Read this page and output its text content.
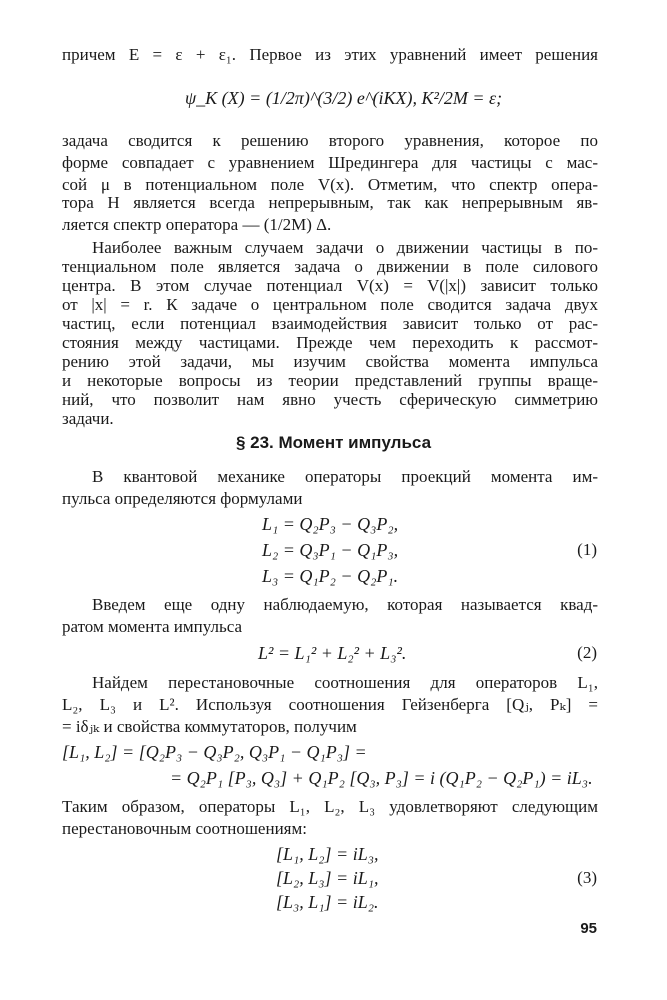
причем E = ε + ε₁. Первое из этих уравнений имеет решения
ψ_K (X) = (1/2π)^(3/2) e^(iKX), K²/2M = ε;
задача сводится к решению второго уравнения, которое по
форме совпадает с уравнением Шредингера для частицы с мас-
сой μ в потенциальном поле V(x). Отметим, что спектр опера-
тора H является всегда непрерывным, так как непрерывным яв-
ляется спектр оператора — (1/2M) Δ.
Наиболее важным случаем задачи о движении частицы в по-
тенциальном поле является задача о движении в поле силового
центра. В этом случае потенциал V(x) = V(|x|) зависит только
от |x| = r. К задаче о центральном поле сводится задача двух
частиц, если потенциал взаимодействия зависит только от рас-
стояния между частицами. Прежде чем переходить к рассмот-
рению этой задачи, мы изучим свойства момента импульса
и некоторые вопросы из теории представлений группы враще-
ний, что позволит нам явно учесть сферическую симметрию
задачи.
§ 23. Момент импульса
В квантовой механике операторы проекций момента им-
пульса определяются формулами
L₁ = Q₂P₃ − Q₃P₂,
L₂ = Q₃P₁ − Q₁P₃,
L₃ = Q₁P₂ − Q₂P₁.
(1)
Введем еще одну наблюдаемую, которая называется квад-
ратом момента импульса
L² = L₁² + L₂² + L₃².	(2)
Найдем перестановочные соотношения для операторов L₁,
L₂, L₃ и L². Используя соотношения Гейзенберга [Qⱼ, Pₖ] =
= iδⱼₖ и свойства коммутаторов, получим
[L₁, L₂] = [Q₂P₃ − Q₃P₂, Q₃P₁ − Q₁P₃] =
= Q₂P₁ [P₃, Q₃] + Q₁P₂ [Q₃, P₃] = i (Q₁P₂ − Q₂P₁) = iL₃.
Таким образом, операторы L₁, L₂, L₃ удовлетворяют следующим
перестановочным соотношениям:
[L₁, L₂] = iL₃,
[L₂, L₃] = iL₁,
[L₃, L₁] = iL₂.
(3)
95
